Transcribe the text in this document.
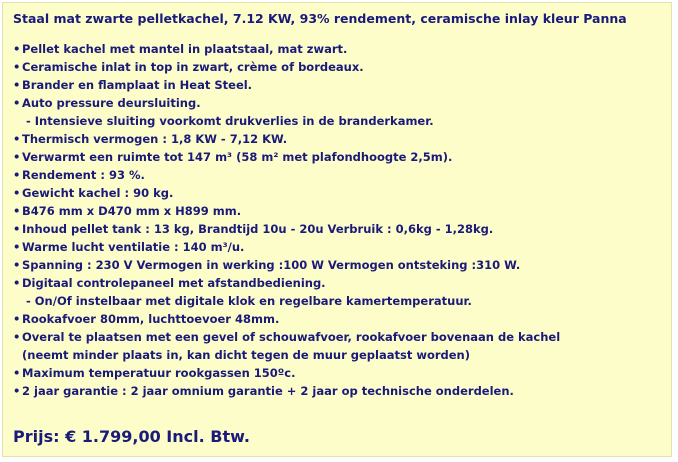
Staal mat zwarte pelletkachel, 7.12 KW, 93% rendement, ceramische inlay kleur Panna
• Pellet kachel met mantel in plaatstaal, mat zwart.
• Ceramische inlat in top in zwart, crème of bordeaux.
• Brander en flamplaat in Heat Steel.
• Auto pressure deursluiting.
- Intensieve sluiting voorkomt drukverlies in de branderkamer.
• Thermisch vermogen : 1,8 KW - 7,12 KW.
• Verwarmt een ruimte tot 147 m³ (58 m² met plafondhoogte 2,5m).
• Rendement : 93 %.
• Gewicht kachel : 90 kg.
• B476 mm x D470 mm x H899 mm.
• Inhoud pellet tank : 13 kg, Brandtijd 10u - 20u Verbruik : 0,6kg - 1,28kg.
• Warme lucht ventilatie : 140 m³/u.
• Spanning : 230 V Vermogen in werking :100 W Vermogen ontsteking :310 W.
• Digitaal controlepaneel met afstandbediening.
- On/Of instelbaar met digitale klok en regelbare kamertemperatuur.
• Rookafvoer 80mm, luchttoevoer 48mm.
• Overal te plaatsen met een gevel of schouwafvoer, rookafvoer bovenaan de kachel
(neemt minder plaats in, kan dicht tegen de muur geplaatst worden)
• Maximum temperatuur rookgassen 150ºc.
• 2 jaar garantie : 2 jaar omnium garantie + 2 jaar op technische onderdelen.
Prijs: € 1.799,00 Incl. Btw.
